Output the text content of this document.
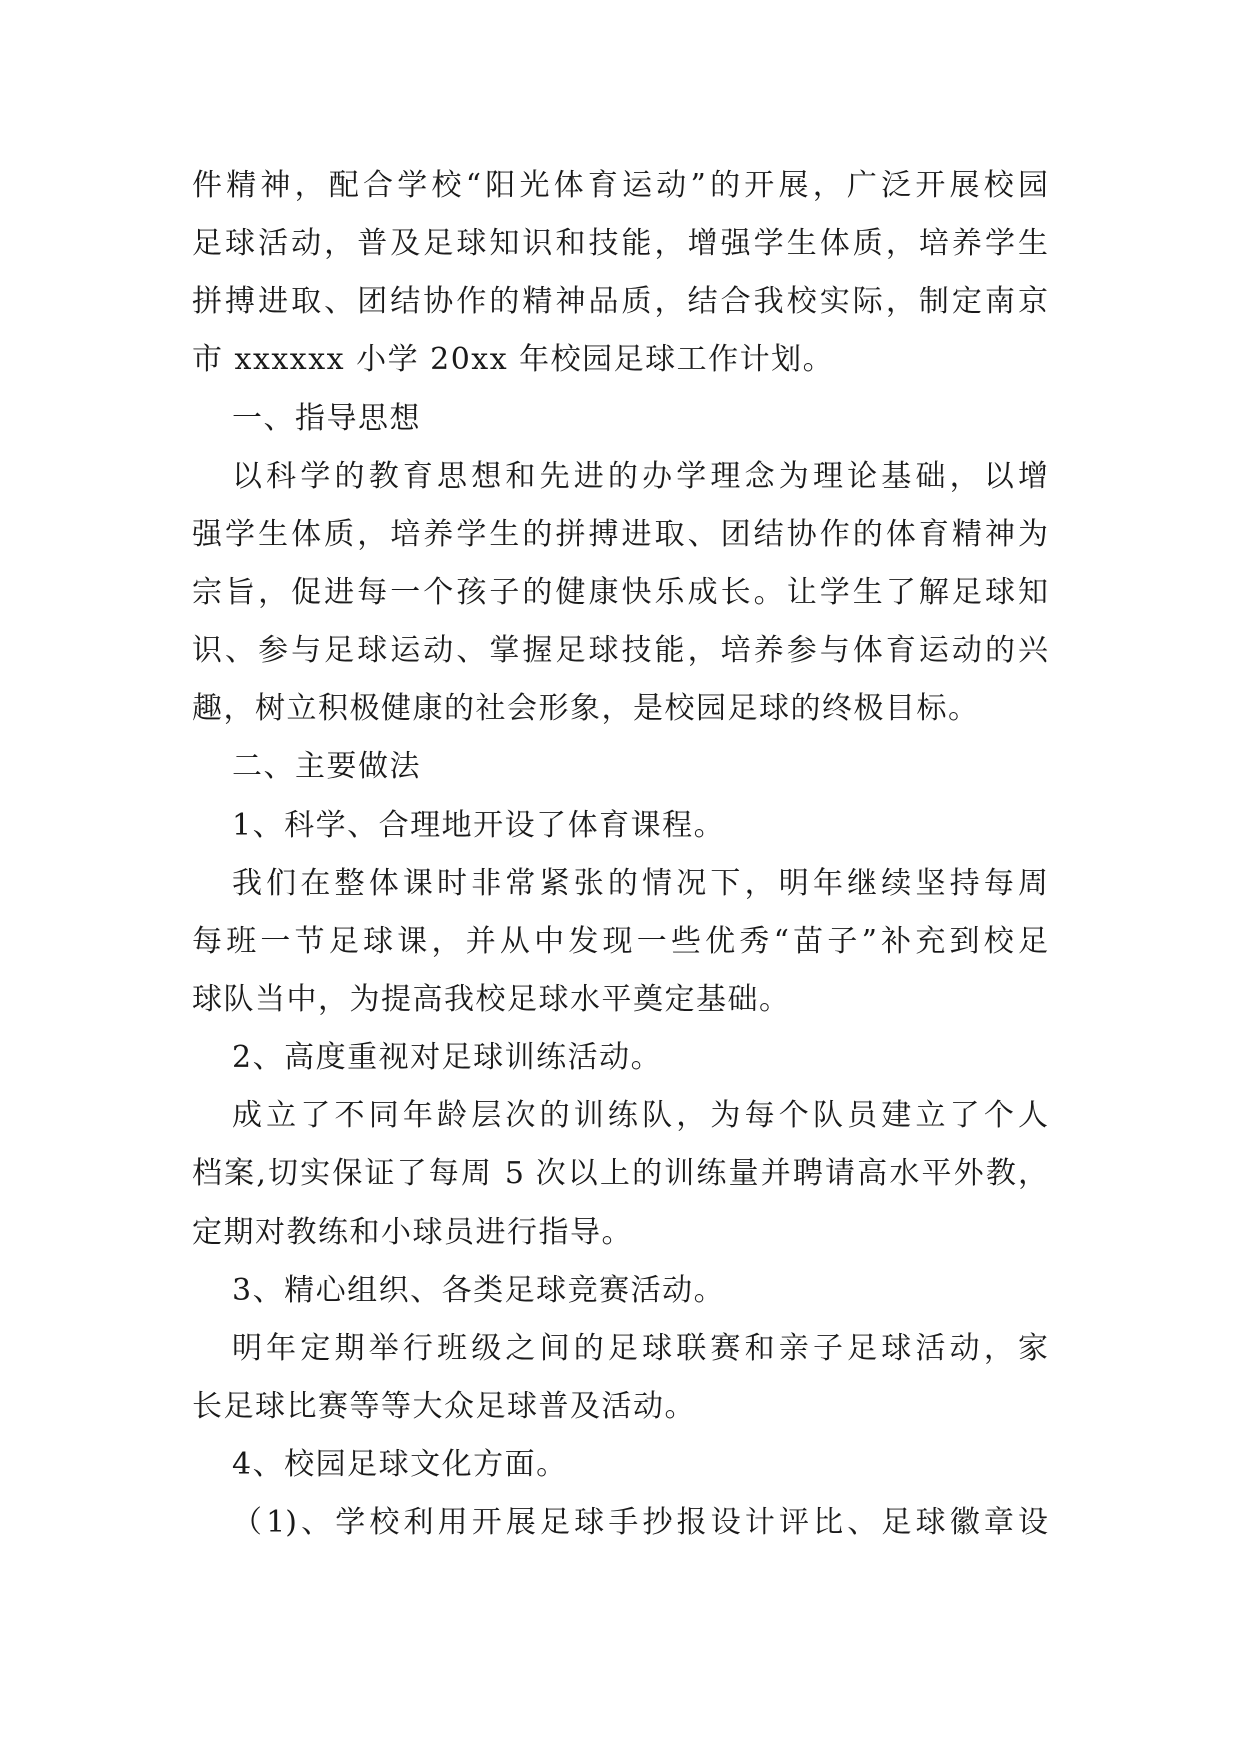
件精神，配合学校“阳光体育运动”的开展，广泛开展校园
足球活动，普及足球知识和技能，增强学生体质，培养学生
拼搏进取、团结协作的精神品质，结合我校实际，制定南京
市 xxxxxx 小学 20xx 年校园足球工作计划。
一、指导思想
以科学的教育思想和先进的办学理念为理论基础，以增
强学生体质，培养学生的拼搏进取、团结协作的体育精神为
宗旨，促进每一个孩子的健康快乐成长。让学生了解足球知
识、参与足球运动、掌握足球技能，培养参与体育运动的兴
趣，树立积极健康的社会形象，是校园足球的终极目标。
二、主要做法
1、科学、合理地开设了体育课程。
我们在整体课时非常紧张的情况下，明年继续坚持每周
每班一节足球课，并从中发现一些优秀“苗子”补充到校足
球队当中，为提高我校足球水平奠定基础。
2、高度重视对足球训练活动。
成立了不同年龄层次的训练队，为每个队员建立了个人
档案,切实保证了每周 5 次以上的训练量并聘请高水平外教，
定期对教练和小球员进行指导。
3、精心组织、各类足球竞赛活动。
明年定期举行班级之间的足球联赛和亲子足球活动，家
长足球比赛等等大众足球普及活动。
4、校园足球文化方面。
（1)、学校利用开展足球手抄报设计评比、足球徽章设
